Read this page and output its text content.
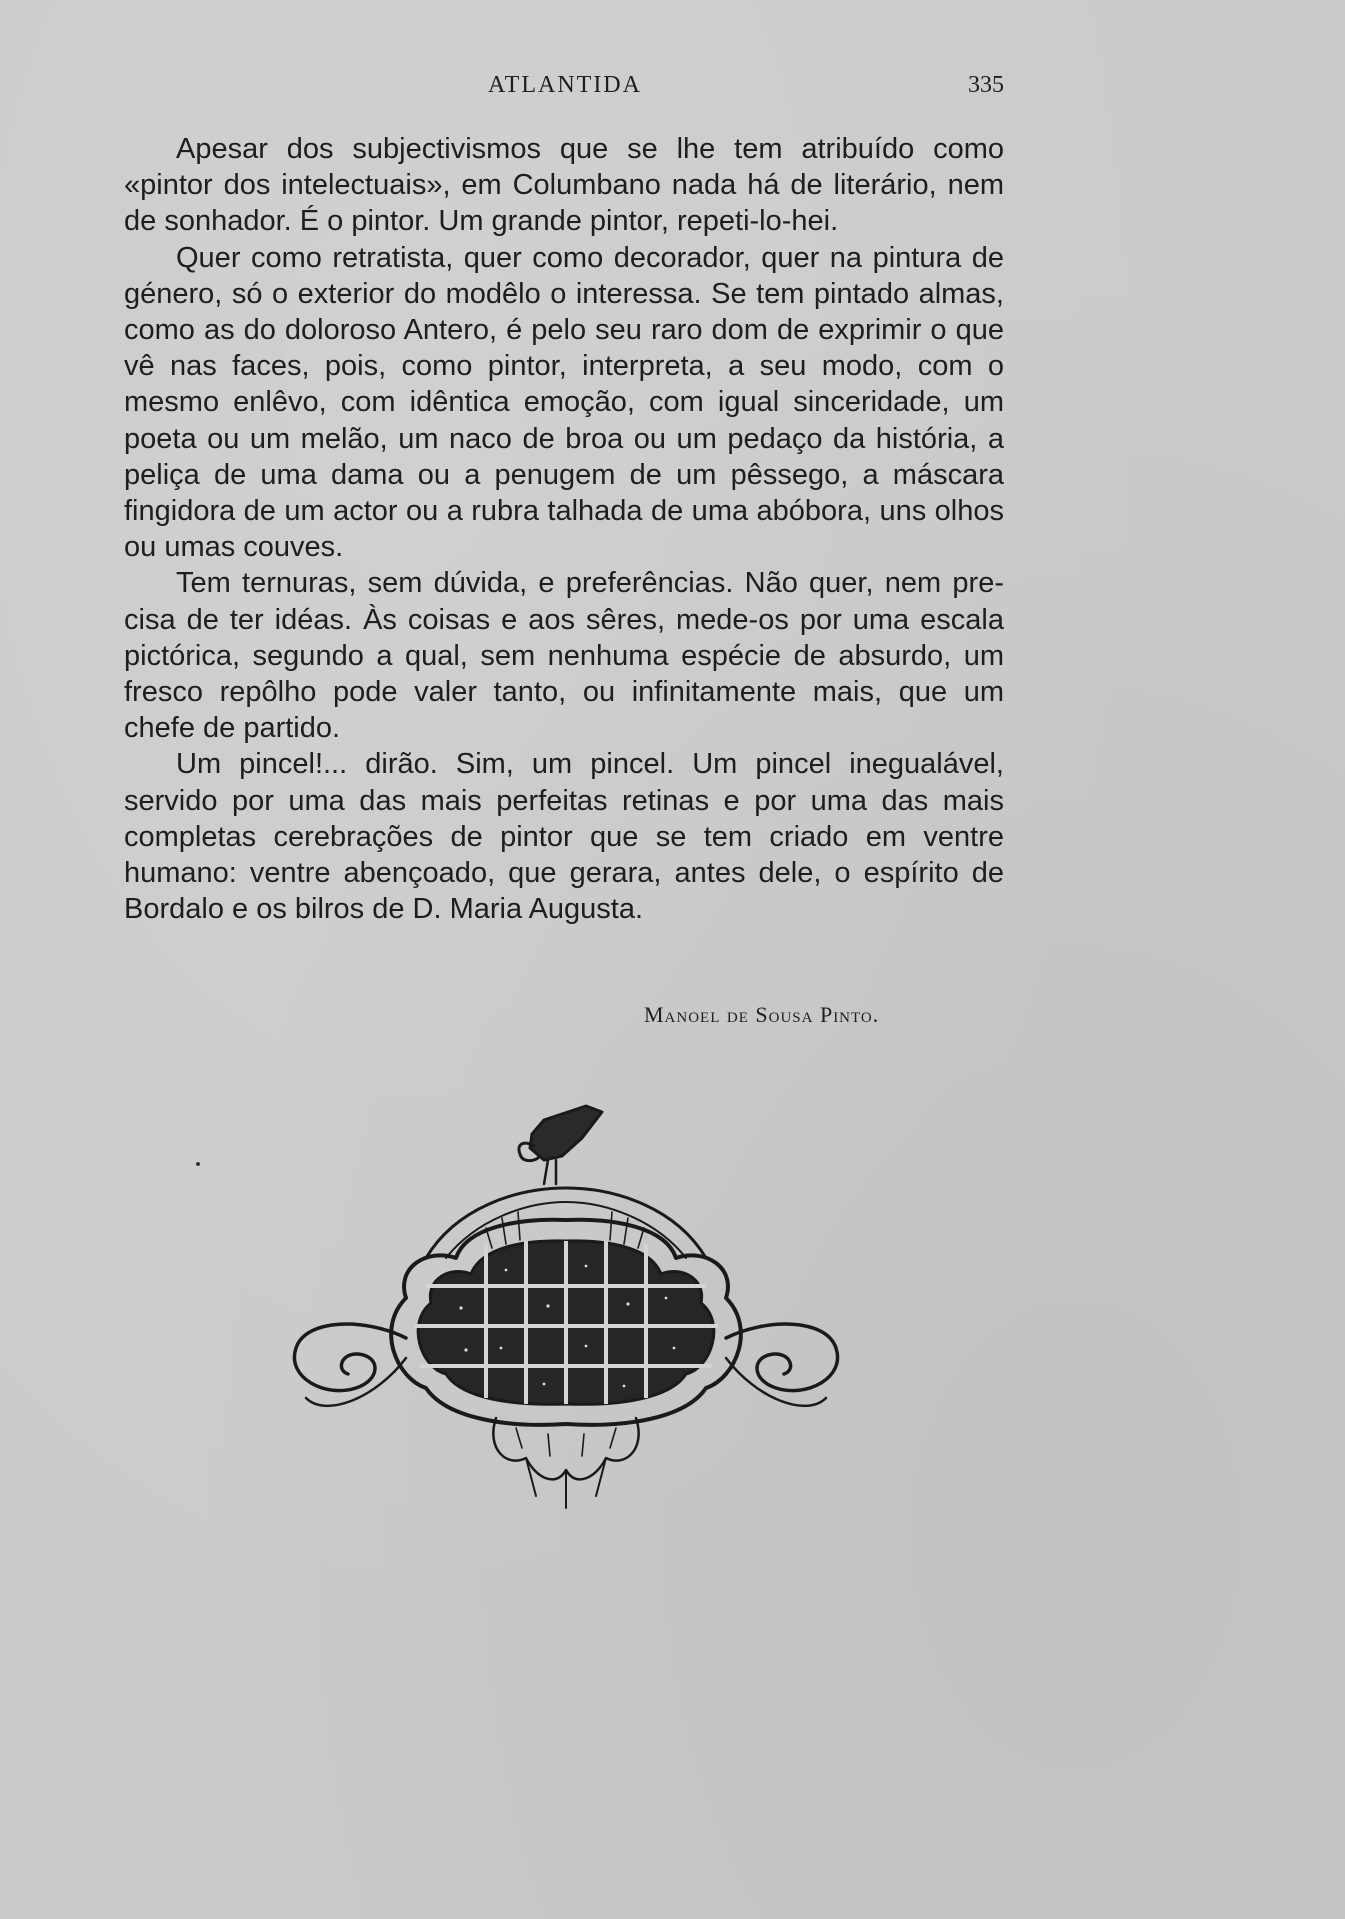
ATLANTIDA	335

Apesar dos subjectivismos que se lhe tem atribuído como «pintor dos intelectuais», em Columbano nada há de literário, nem de sonhador. É o pintor. Um grande pintor, repeti-lo-hei.

Quer como retratista, quer como decorador, quer na pintura de género, só o exterior do modêlo o interessa. Se tem pintado almas, como as do doloroso Antero, é pelo seu raro dom de exprimir o que vê nas faces, pois, como pintor, interpreta, a seu modo, com o mesmo enlêvo, com idêntica emoção, com igual sinceridade, um poeta ou um melão, um naco de broa ou um pedaço da história, a peliça de uma dama ou a penugem de um pêssego, a máscara fingidora de um actor ou a rubra talhada de uma abóbora, uns olhos ou umas couves.

Tem ternuras, sem dúvida, e preferências. Não quer, nem precisa de ter idéas. Às coisas e aos sêres, mede-os por uma escala pictórica, segundo a qual, sem nenhuma espécie de absurdo, um fresco repôlho pode valer tanto, ou infinitamente mais, que um chefe de partido.

Um pincel!... dirão. Sim, um pincel. Um pincel inegualável, servido por uma das mais perfeitas retinas e por uma das mais completas cerebrações de pintor que se tem criado em ventre humano: ventre abençoado, que gerara, antes dele, o espírito de Bordalo e os bilros de D. Maria Augusta.

Manoel de Sousa Pinto.
